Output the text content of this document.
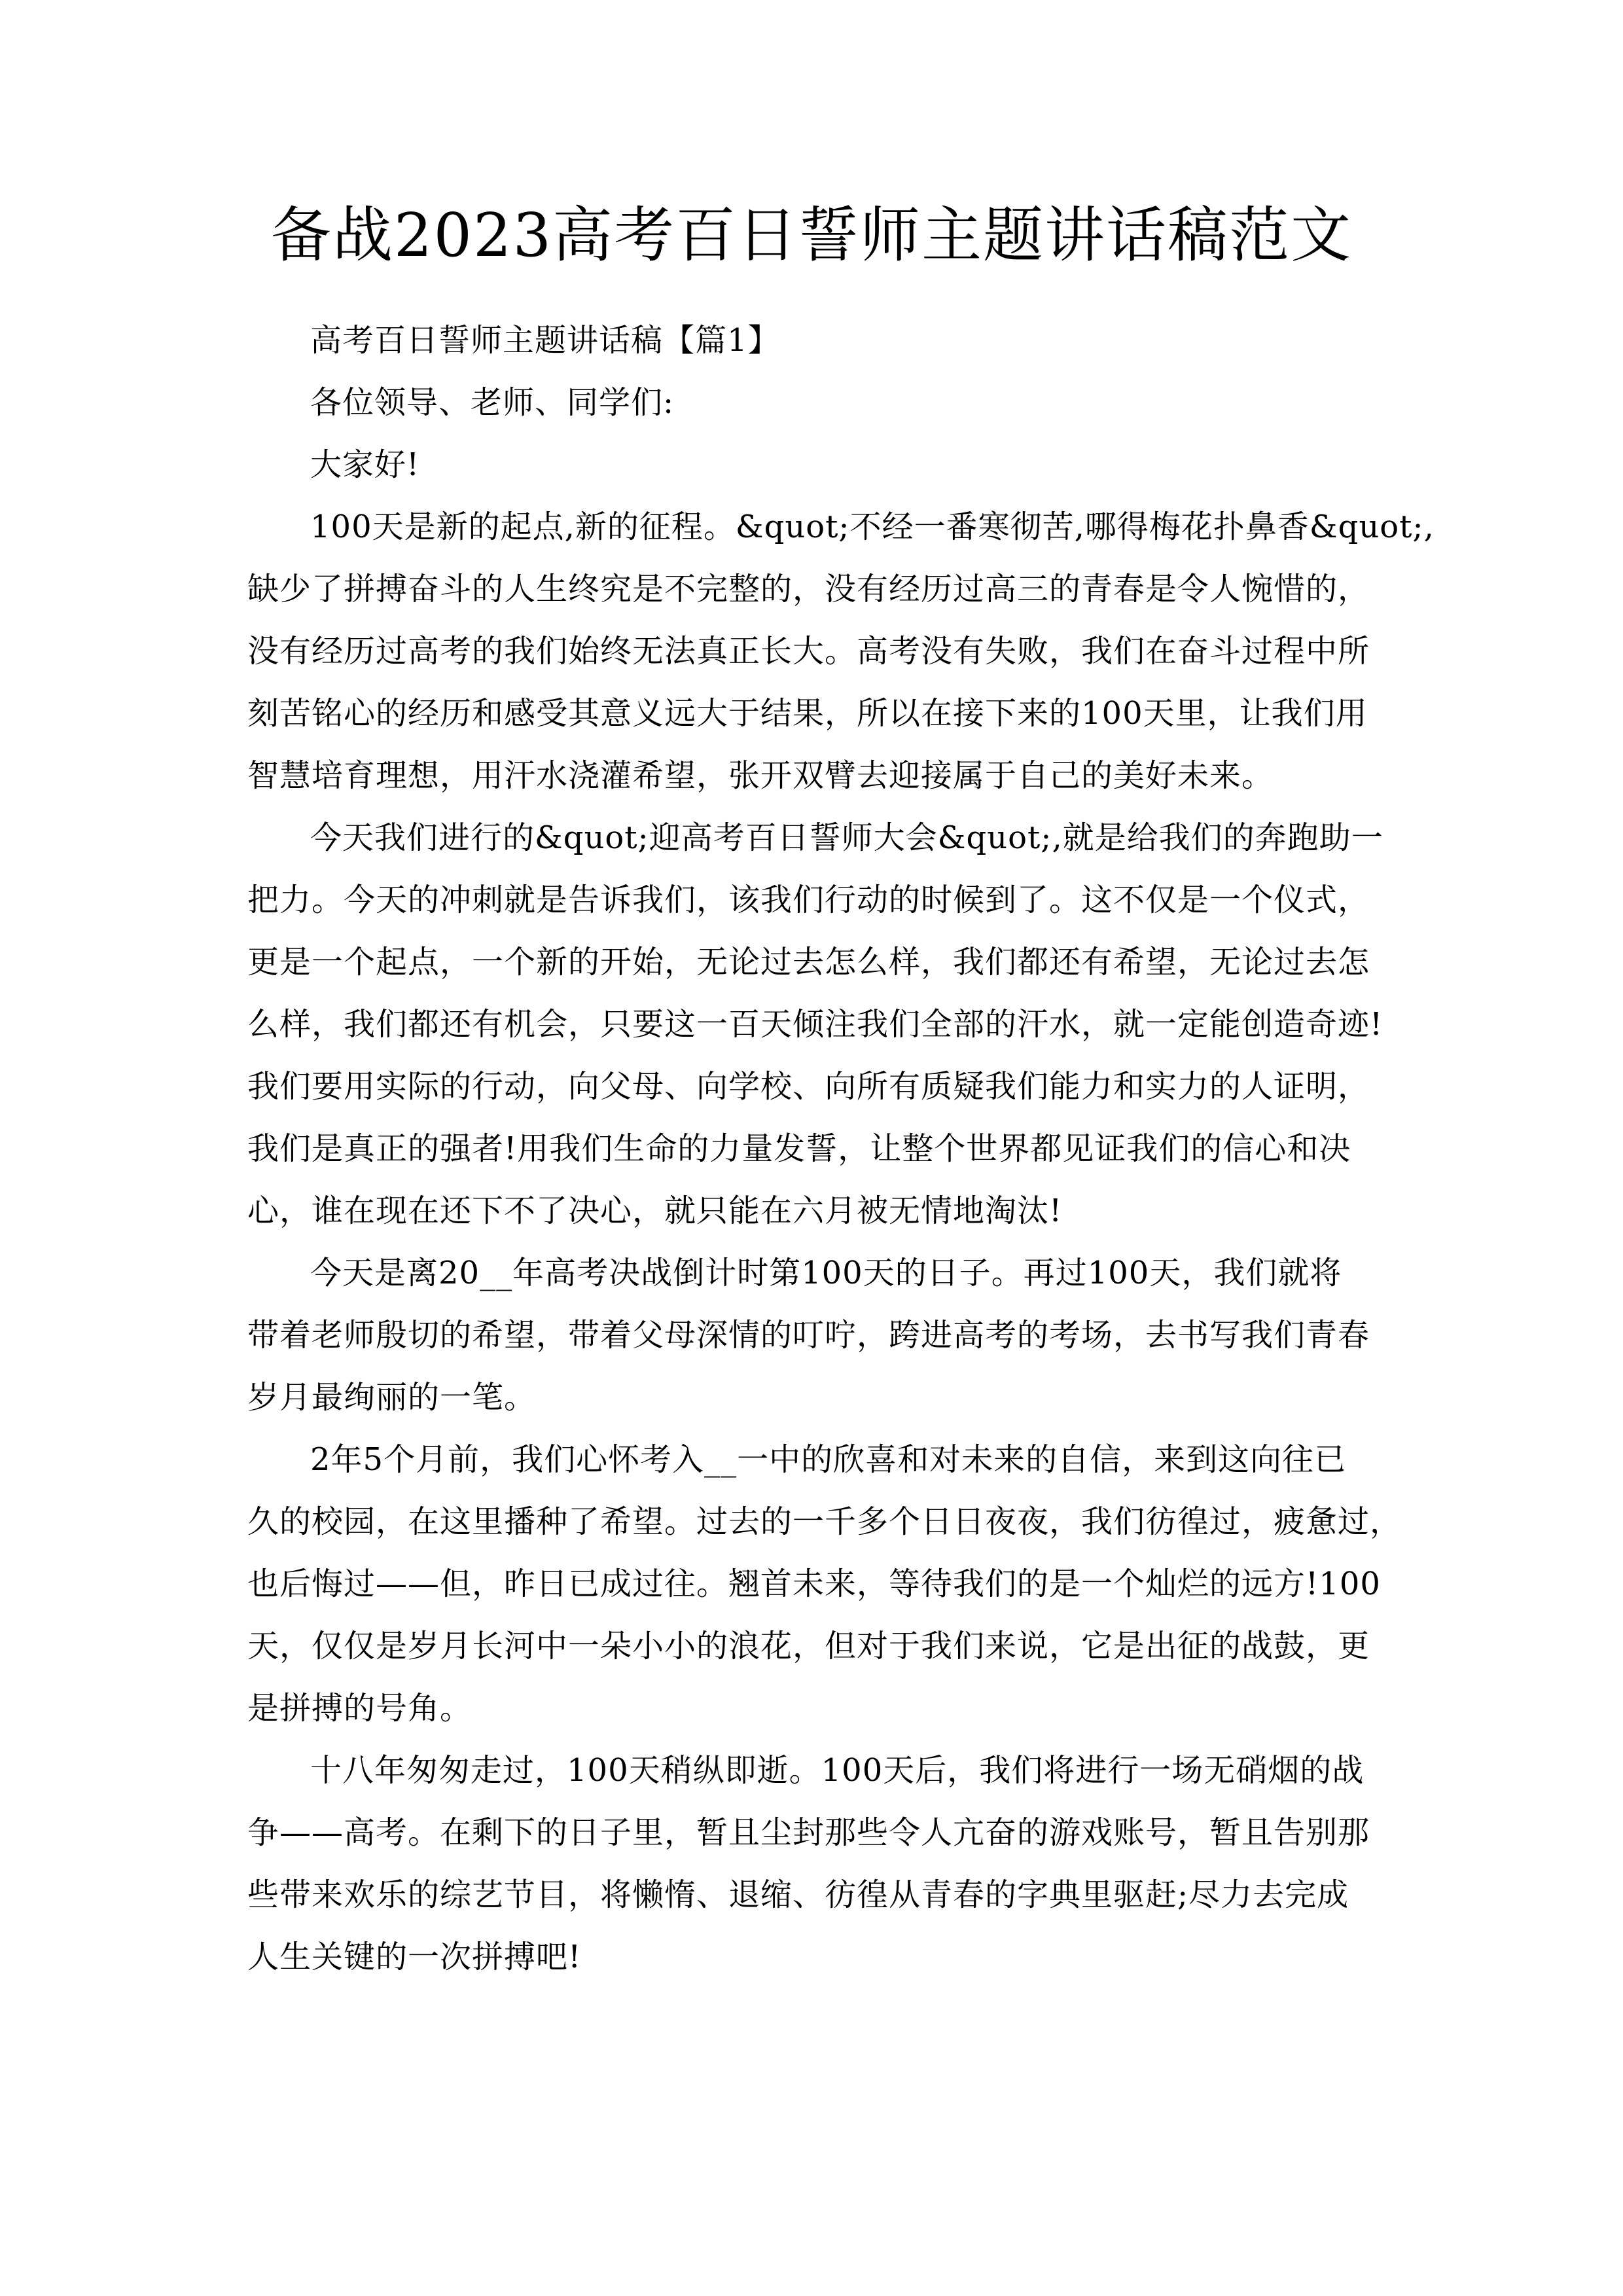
备战2023高考百日誓师主题讲话稿范文
高考百日誓师主题讲话稿【篇1】
各位领导、老师、同学们:
大家好!
100天是新的起点,新的征程。&quot;不经一番寒彻苦,哪得梅花扑鼻香&quot;,
缺少了拼搏奋斗的人生终究是不完整的，没有经历过高三的青春是令人惋惜的，
没有经历过高考的我们始终无法真正长大。高考没有失败，我们在奋斗过程中所
刻苦铭心的经历和感受其意义远大于结果，所以在接下来的100天里，让我们用
智慧培育理想，用汗水浇灌希望，张开双臂去迎接属于自己的美好未来。
今天我们进行的&quot;迎高考百日誓师大会&quot;,就是给我们的奔跑助一
把力。今天的冲刺就是告诉我们，该我们行动的时候到了。这不仅是一个仪式，
更是一个起点，一个新的开始，无论过去怎么样，我们都还有希望，无论过去怎
么样，我们都还有机会，只要这一百天倾注我们全部的汗水，就一定能创造奇迹!
我们要用实际的行动，向父母、向学校、向所有质疑我们能力和实力的人证明，
我们是真正的强者!用我们生命的力量发誓，让整个世界都见证我们的信心和决
心，谁在现在还下不了决心，就只能在六月被无情地淘汰!
今天是离20__年高考决战倒计时第100天的日子。再过100天，我们就将
带着老师殷切的希望，带着父母深情的叮咛，跨进高考的考场，去书写我们青春
岁月最绚丽的一笔。
2年5个月前，我们心怀考入__一中的欣喜和对未来的自信，来到这向往已
久的校园，在这里播种了希望。过去的一千多个日日夜夜，我们彷徨过，疲惫过，
也后悔过——但，昨日已成过往。翘首未来，等待我们的是一个灿烂的远方!100
天，仅仅是岁月长河中一朵小小的浪花，但对于我们来说，它是出征的战鼓，更
是拼搏的号角。
十八年匆匆走过，100天稍纵即逝。100天后，我们将进行一场无硝烟的战
争——高考。在剩下的日子里，暂且尘封那些令人亢奋的游戏账号，暂且告别那
些带来欢乐的综艺节目，将懒惰、退缩、彷徨从青春的字典里驱赶;尽力去完成
人生关键的一次拼搏吧!
